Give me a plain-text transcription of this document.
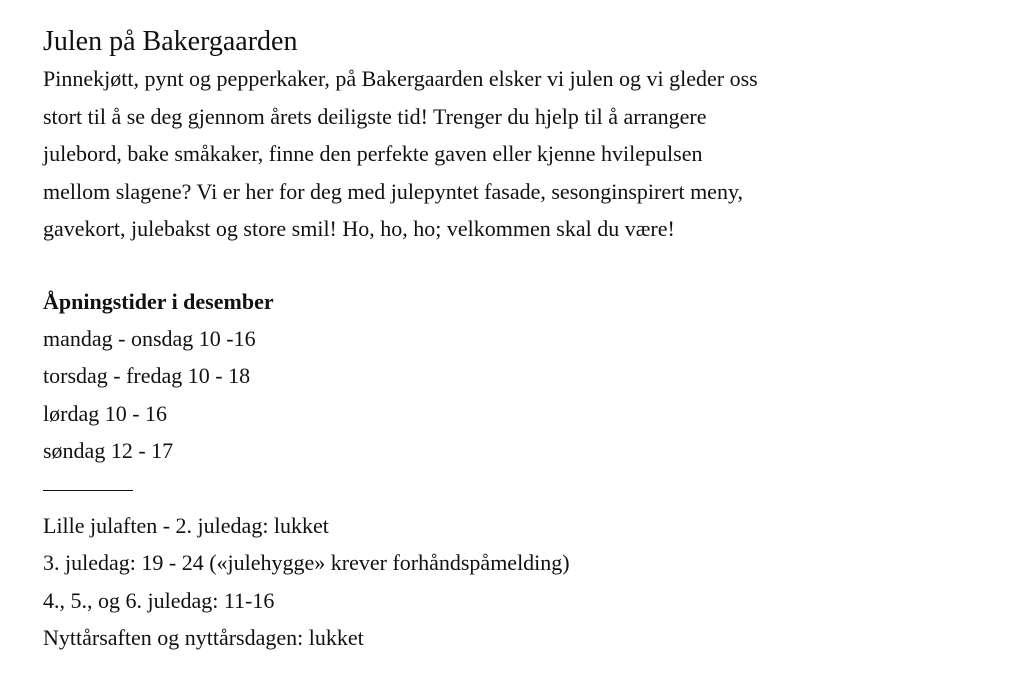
Julen på Bakergaarden
Pinnekjøtt, pynt og pepperkaker, på Bakergaarden elsker vi julen og vi gleder oss
stort til å se deg gjennom årets deiligste tid! Trenger du hjelp til å arrangere
julebord, bake småkaker, finne den perfekte gaven eller kjenne hvilepulsen
mellom slagene? Vi er her for deg med julepyntet fasade, sesonginspirert meny,
gavekort, julebakst og store smil! Ho, ho, ho; velkommen skal du være!
Åpningstider i desember
mandag - onsdag 10 -16
torsdag - fredag 10 - 18
lørdag 10 - 16
søndag 12 - 17
Lille julaften - 2. juledag: lukket
3. juledag: 19 - 24 («julehygge» krever forhåndspåmelding)
4., 5., og 6. juledag: 11-16
Nyttårsaften og nyttårsdagen: lukket
